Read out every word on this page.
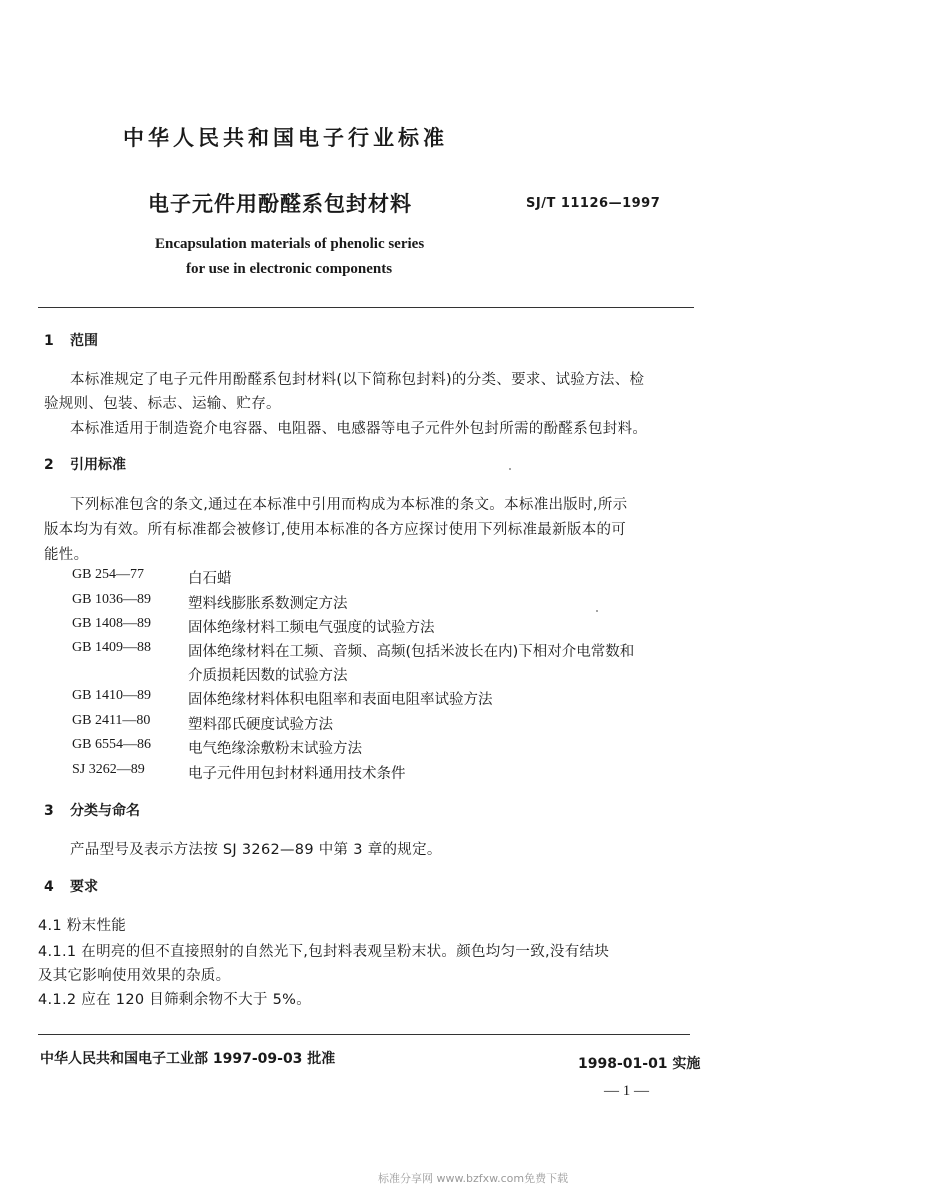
中华人民共和国电子行业标准
电子元件用酚醛系包封材料	SJ/T 11126—1997
Encapsulation materials of phenolic series
for use in electronic components
1 范围
本标准规定了电子元件用酚醛系包封材料(以下简称包封料)的分类、要求、试验方法、检
验规则、包装、标志、运输、贮存。
本标准适用于制造瓷介电容器、电阻器、电感器等电子元件外包封所需的酚醛系包封料。
2 引用标准
下列标准包含的条文,通过在本标准中引用而构成为本标准的条文。本标准出版时,所示
版本均为有效。所有标准都会被修订,使用本标准的各方应探讨使用下列标准最新版本的可
能性。
GB 254—77	白石蜡
GB 1036—89	塑料线膨胀系数测定方法
GB 1408—89	固体绝缘材料工频电气强度的试验方法
GB 1409—88	固体绝缘材料在工频、音频、高频(包括米波长在内)下相对介电常数和
介质损耗因数的试验方法
GB 1410—89	固体绝缘材料体积电阻率和表面电阻率试验方法
GB 2411—80	塑料邵氏硬度试验方法
GB 6554—86	电气绝缘涂敷粉末试验方法
SJ 3262—89	电子元件用包封材料通用技术条件
3 分类与命名
产品型号及表示方法按 SJ 3262—89 中第 3 章的规定。
4 要求
4.1 粉末性能
4.1.1 在明亮的但不直接照射的自然光下,包封料表观呈粉末状。颜色均匀一致,没有结块
及其它影响使用效果的杂质。
4.1.2 应在 120 目筛剩余物不大于 5%。
中华人民共和国电子工业部 1997-09-03 批准	1998-01-01 实施
— 1 —
标准分享网 www.bzfxw.com免费下载
